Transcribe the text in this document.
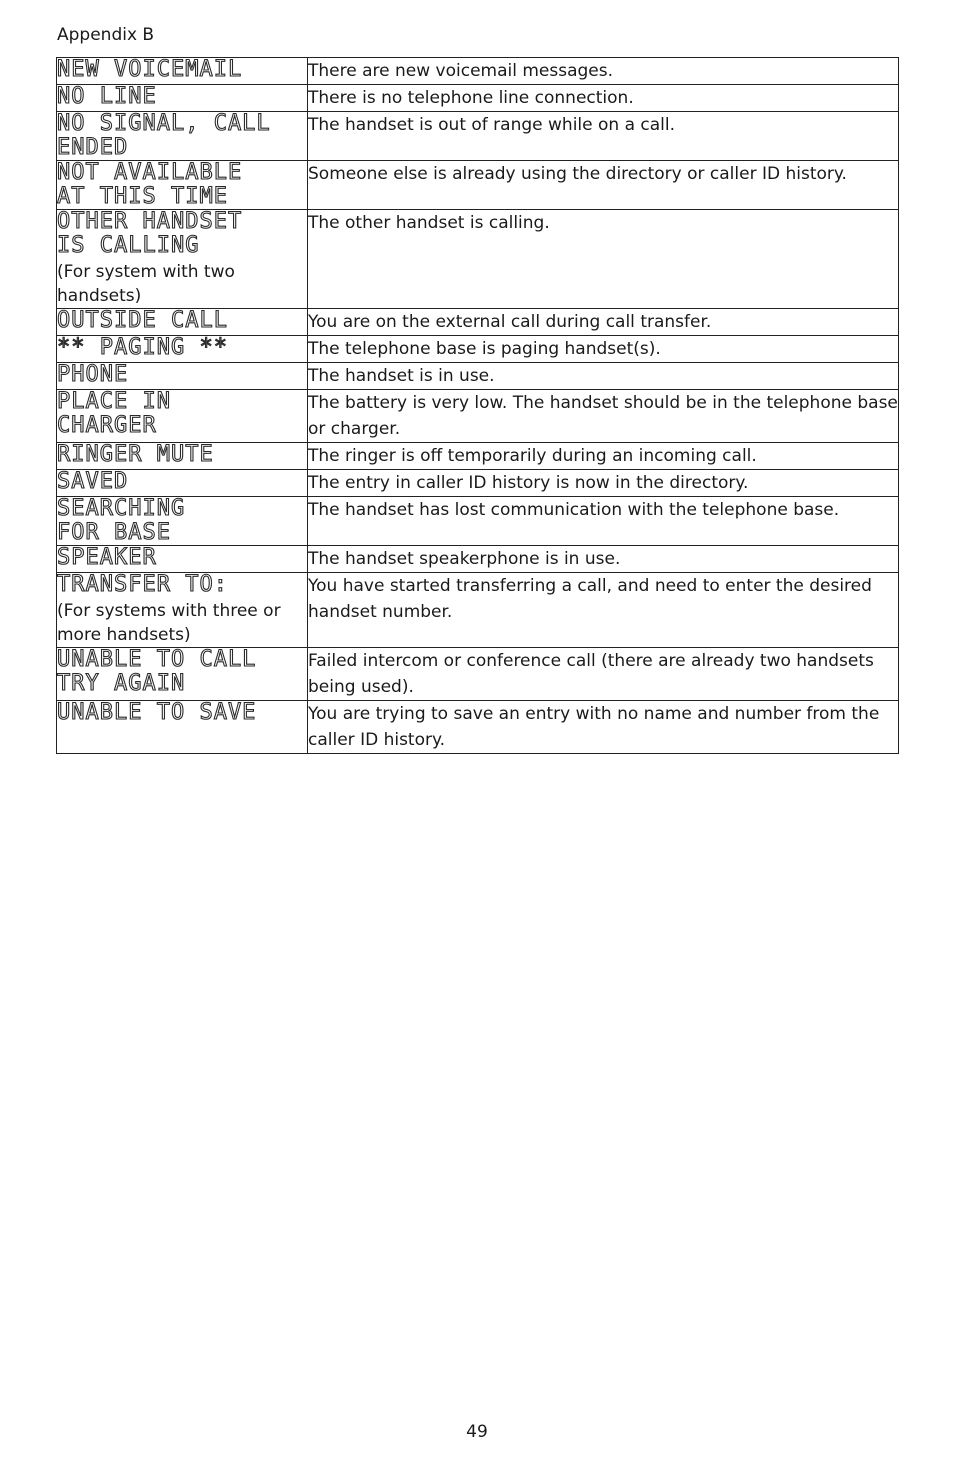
Appendix B
NEW VOICEMAIL	There are new voicemail messages.

NO LINE	There is no telephone line connection.

NO SIGNAL, CALL
ENDED	The handset is out of range while on a call.

NOT AVAILABLE
AT THIS TIME	Someone else is already using the directory or caller ID history.

OTHER HANDSET
IS CALLING
(For system with two handsets)	The other handset is calling.

OUTSIDE CALL	You are on the external call during call transfer.

** PAGING **	The telephone base is paging handset(s).

PHONE	The handset is in use.

PLACE IN
CHARGER	The battery is very low. The handset should be in the telephone base or charger.

RINGER MUTE	The ringer is off temporarily during an incoming call.

SAVED	The entry in caller ID history is now in the directory.

SEARCHING
FOR BASE	The handset has lost communication with the telephone base.

SPEAKER	The handset speakerphone is in use.

TRANSFER TO:
(For systems with three or more handsets)	You have started transferring a call, and need to enter the desired handset number.

UNABLE TO CALL
TRY AGAIN	Failed intercom or conference call (there are already two handsets being used).

UNABLE TO SAVE	You are trying to save an entry with no name and number from the caller ID history.
49
